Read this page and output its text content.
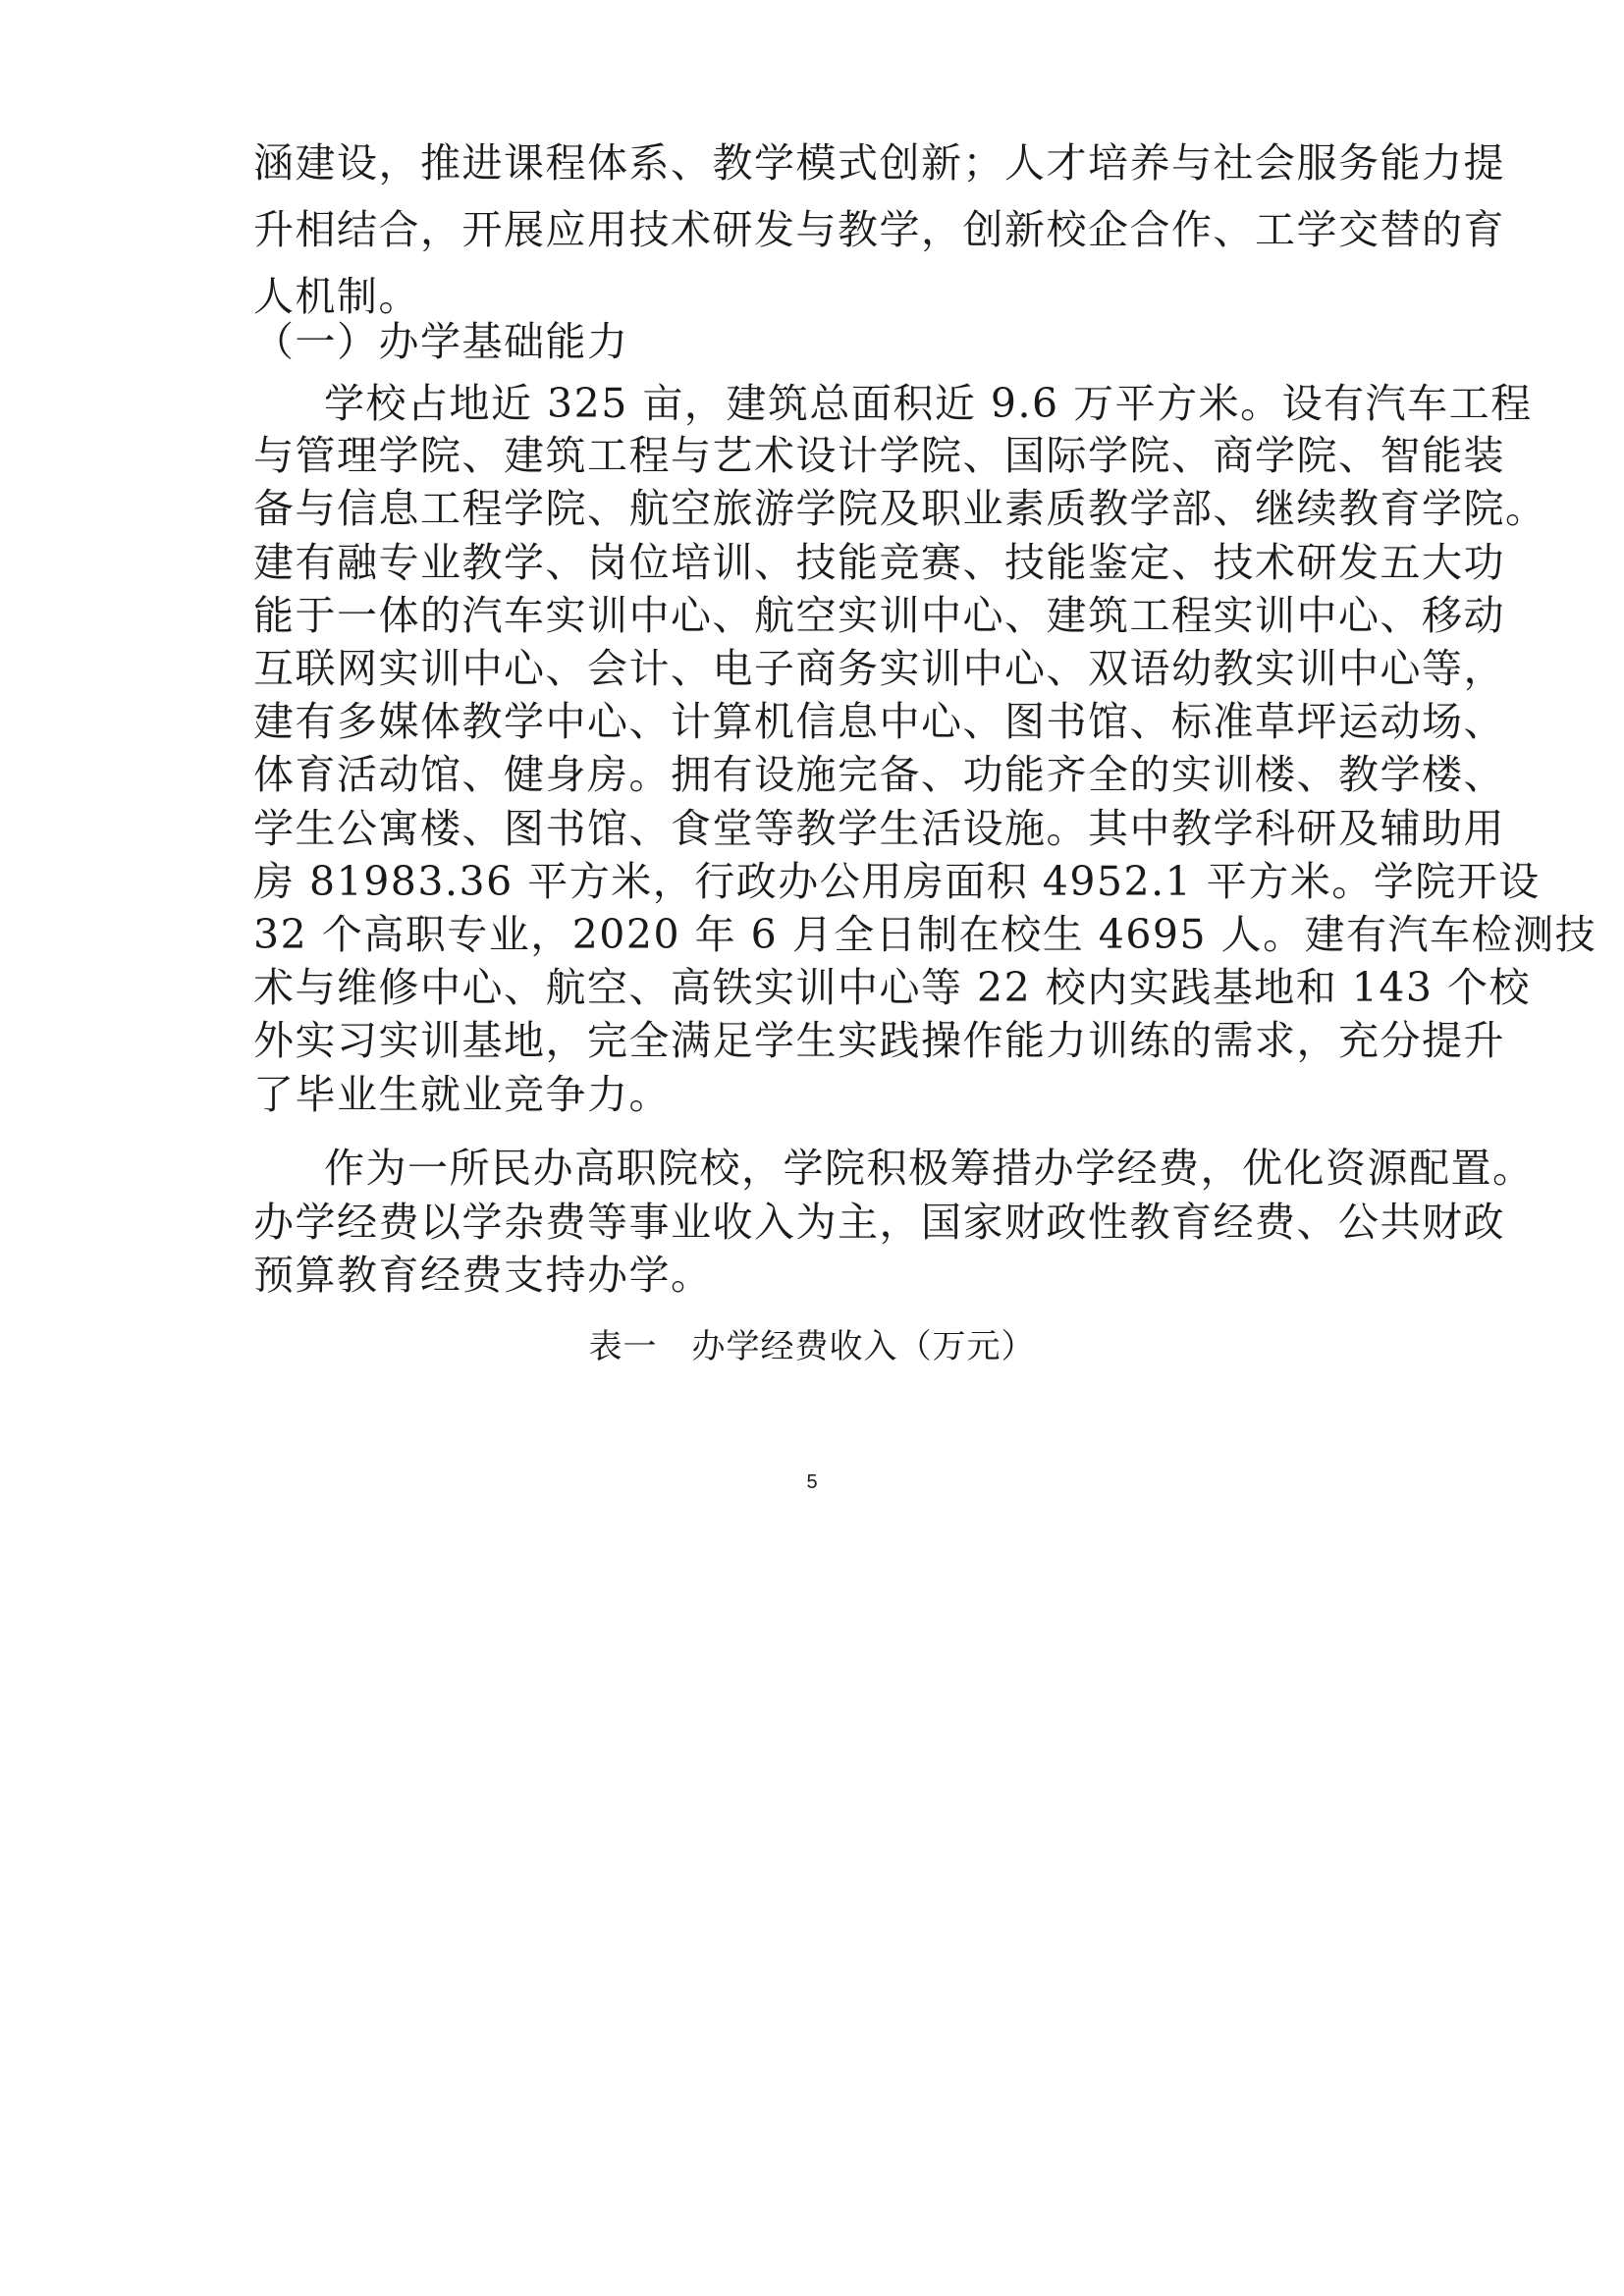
涵建设，推进课程体系、教学模式创新；人才培养与社会服务能力提
升相结合，开展应用技术研发与教学，创新校企合作、工学交替的育
人机制。
（一）办学基础能力
学校占地近 325 亩，建筑总面积近 9.6 万平方米。设有汽车工程
与管理学院、建筑工程与艺术设计学院、国际学院、商学院、智能装
备与信息工程学院、航空旅游学院及职业素质教学部、继续教育学院。
建有融专业教学、岗位培训、技能竞赛、技能鉴定、技术研发五大功
能于一体的汽车实训中心、航空实训中心、建筑工程实训中心、移动
互联网实训中心、会计、电子商务实训中心、双语幼教实训中心等，
建有多媒体教学中心、计算机信息中心、图书馆、标准草坪运动场、
体育活动馆、健身房。拥有设施完备、功能齐全的实训楼、教学楼、
学生公寓楼、图书馆、食堂等教学生活设施。其中教学科研及辅助用
房 81983.36 平方米，行政办公用房面积 4952.1 平方米。学院开设
32 个高职专业，2020 年 6 月全日制在校生 4695 人。建有汽车检测技
术与维修中心、航空、高铁实训中心等 22 校内实践基地和 143 个校
外实习实训基地，完全满足学生实践操作能力训练的需求，充分提升
了毕业生就业竞争力。
作为一所民办高职院校，学院积极筹措办学经费，优化资源配置。
办学经费以学杂费等事业收入为主，国家财政性教育经费、公共财政
预算教育经费支持办学。
表一　办学经费收入（万元）
5
